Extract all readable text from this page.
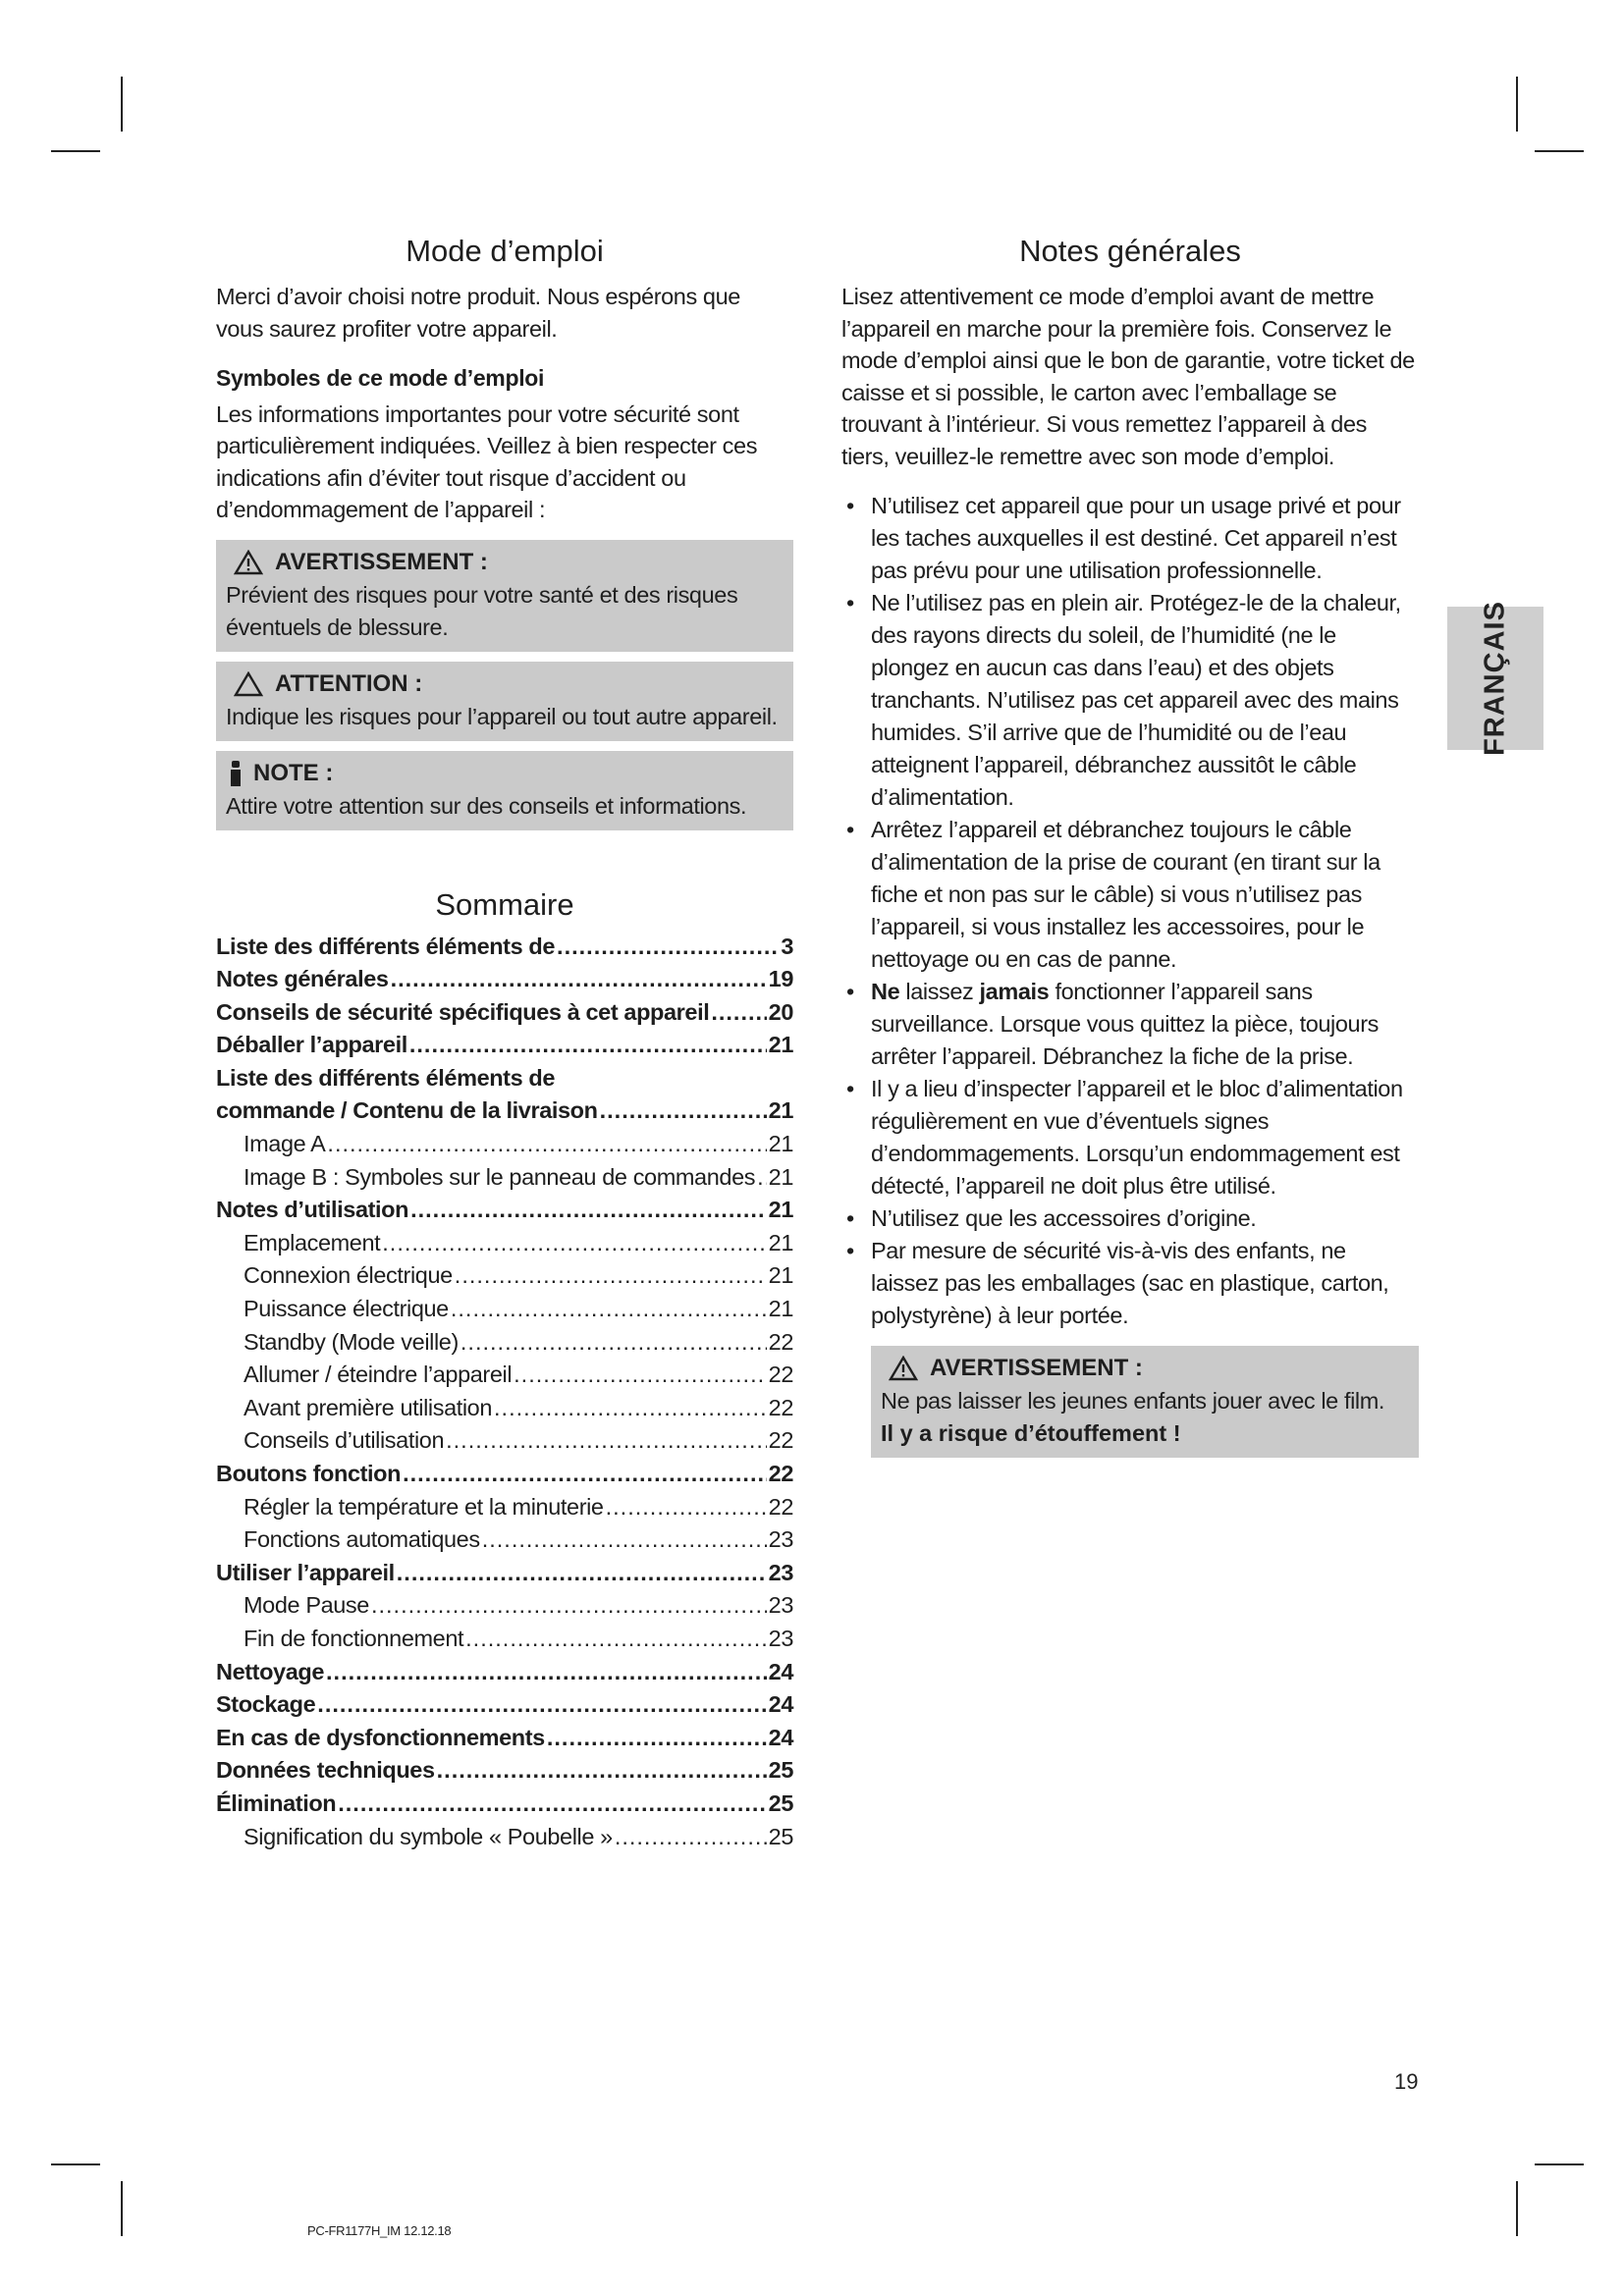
Mode d’emploi

Merci d’avoir choisi notre produit. Nous espérons que vous saurez profiter votre appareil.

Symboles de ce mode d’emploi

Les informations importantes pour votre sécurité sont particulièrement indiquées. Veillez à bien respecter ces indications afin d’éviter tout risque d’accident ou d’endommagement de l’appareil :

AVERTISSEMENT :
Prévient des risques pour votre santé et des risques éventuels de blessure.
ATTENTION :
Indique les risques pour l’appareil ou tout autre appareil.
NOTE :
Attire votre attention sur des conseils et informations.
Sommaire
Liste des différents éléments de .....	3
Notes générales .....	19
Conseils de sécurité spécifiques à cet appareil .....	20
Déballer l’appareil .....	21
Liste des différents éléments de
commande / Contenu de la livraison .....	21
Image A .....	21
Image B : Symboles sur le panneau de commandes ..... 21
Notes d’utilisation .....	21
Emplacement .....	21
Connexion électrique .....	21
Puissance électrique .....	21
Standby (Mode veille) .....	22
Allumer / éteindre l’appareil .....	22
Avant première utilisation .....	22
Conseils d’utilisation .....	22
Boutons fonction .....	22
Régler la température et la minuterie .....	22
Fonctions automatiques .....	23
Utiliser l’appareil .....	23
Mode Pause .....	23
Fin de fonctionnement .....	23
Nettoyage .....	24
Stockage .....	24
En cas de dysfonctionnements .....	24
Données techniques .....	25
Élimination .....	25
Signification du symbole « Poubelle » .....	25
Notes générales

Lisez attentivement ce mode d’emploi avant de mettre l’appareil en marche pour la première fois. Conservez le mode d’emploi ainsi que le bon de garantie, votre ticket de caisse et si possible, le carton avec l’emballage se trouvant à l’intérieur. Si vous remettez l’appareil à des tiers, veuillez-le remettre avec son mode d’emploi.

• N’utilisez cet appareil que pour un usage privé et pour les taches auxquelles il est destiné. Cet appareil n’est pas prévu pour une utilisation professionnelle.
• Ne l’utilisez pas en plein air. Protégez-le de la chaleur, des rayons directs du soleil, de l’humidité (ne le plongez en aucun cas dans l’eau) et des objets tranchants. N’utilisez pas cet appareil avec des mains humides. S’il arrive que de l’humidité ou de l’eau atteignent l’appareil, débranchez aussitôt le câble d’alimentation.
• Arrêtez l’appareil et débranchez toujours le câble d’alimentation de la prise de courant (en tirant sur la fiche et non pas sur le câble) si vous n’utilisez pas l’appareil, si vous installez les accessoires, pour le nettoyage ou en cas de panne.
• Ne laissez jamais fonctionner l’appareil sans surveillance. Lorsque vous quittez la pièce, toujours arrêter l’appareil. Débranchez la fiche de la prise.
• Il y a lieu d’inspecter l’appareil et le bloc d’alimentation régulièrement en vue d’éventuels signes d’endommagements. Lorsqu’un endommagement est détecté, l’appareil ne doit plus être utilisé.
• N’utilisez que les accessoires d’origine.
• Par mesure de sécurité vis-à-vis des enfants, ne laissez pas les emballages (sac en plastique, carton, polystyrène) à leur portée.
AVERTISSEMENT :
Ne pas laisser les jeunes enfants jouer avec le film.
Il y a risque d’étouffement !
FRANÇAIS
19
PC-FR1177H_IM 12.12.18
